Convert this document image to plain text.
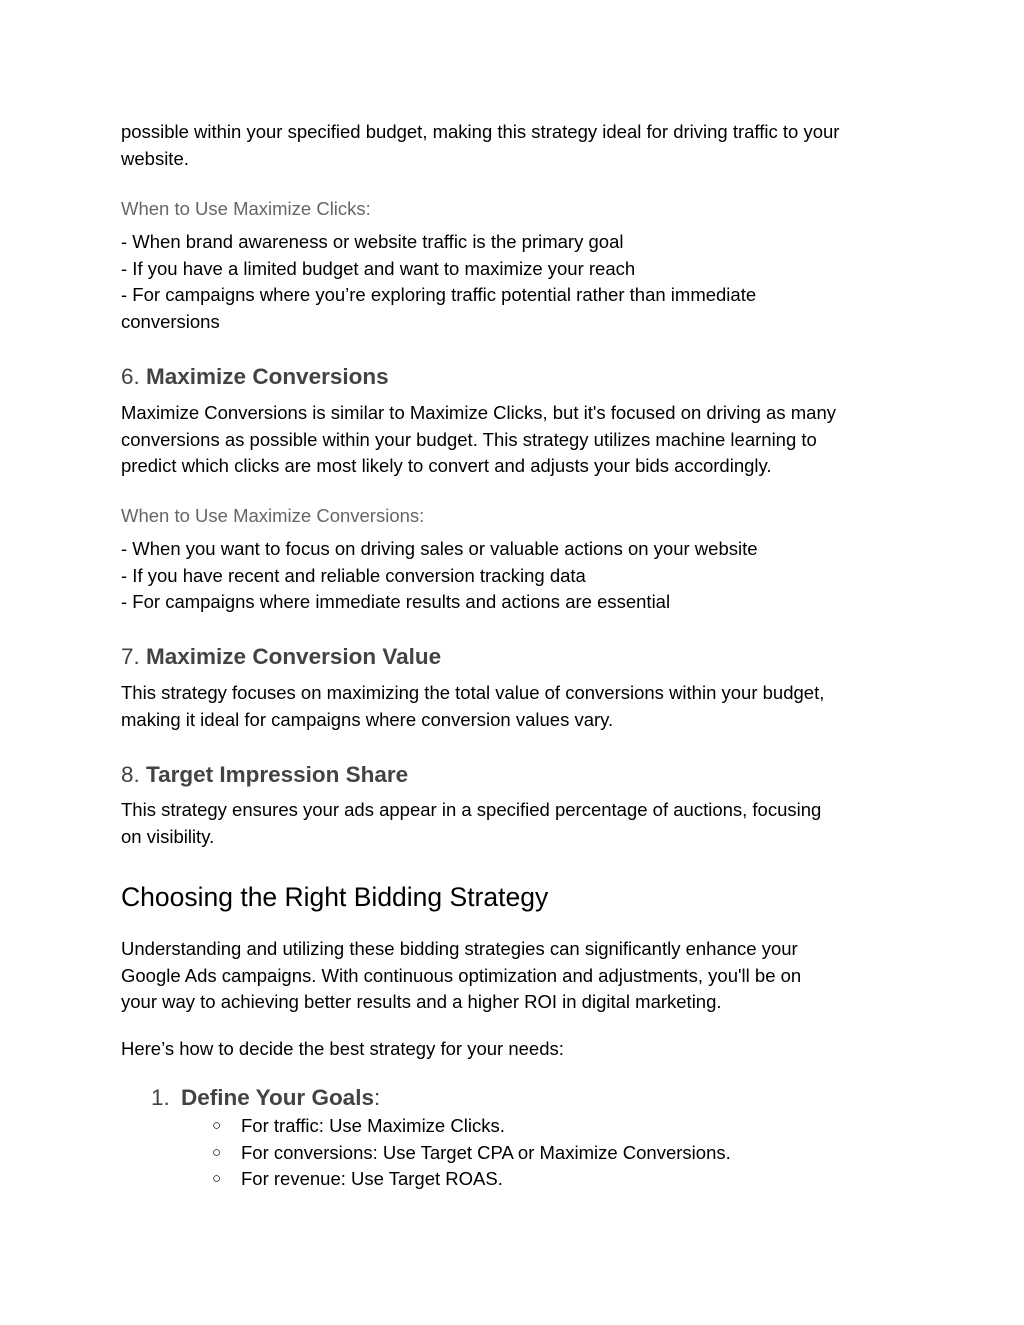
possible within your specified budget, making this strategy ideal for driving traffic to your
website.
When to Use Maximize Clicks:
- When brand awareness or website traffic is the primary goal
- If you have a limited budget and want to maximize your reach
- For campaigns where you’re exploring traffic potential rather than immediate
conversions
6. Maximize Conversions
Maximize Conversions is similar to Maximize Clicks, but it's focused on driving as many
conversions as possible within your budget. This strategy utilizes machine learning to
predict which clicks are most likely to convert and adjusts your bids accordingly.
When to Use Maximize Conversions:
- When you want to focus on driving sales or valuable actions on your website
- If you have recent and reliable conversion tracking data
- For campaigns where immediate results and actions are essential
7. Maximize Conversion Value
This strategy focuses on maximizing the total value of conversions within your budget,
making it ideal for campaigns where conversion values vary.
8. Target Impression Share
This strategy ensures your ads appear in a specified percentage of auctions, focusing
on visibility.
Choosing the Right Bidding Strategy
Understanding and utilizing these bidding strategies can significantly enhance your
Google Ads campaigns. With continuous optimization and adjustments, you'll be on
your way to achieving better results and a higher ROI in digital marketing.
Here’s how to decide the best strategy for your needs:
1. Define Your Goals:
○ For traffic: Use Maximize Clicks.
○ For conversions: Use Target CPA or Maximize Conversions.
○ For revenue: Use Target ROAS.
